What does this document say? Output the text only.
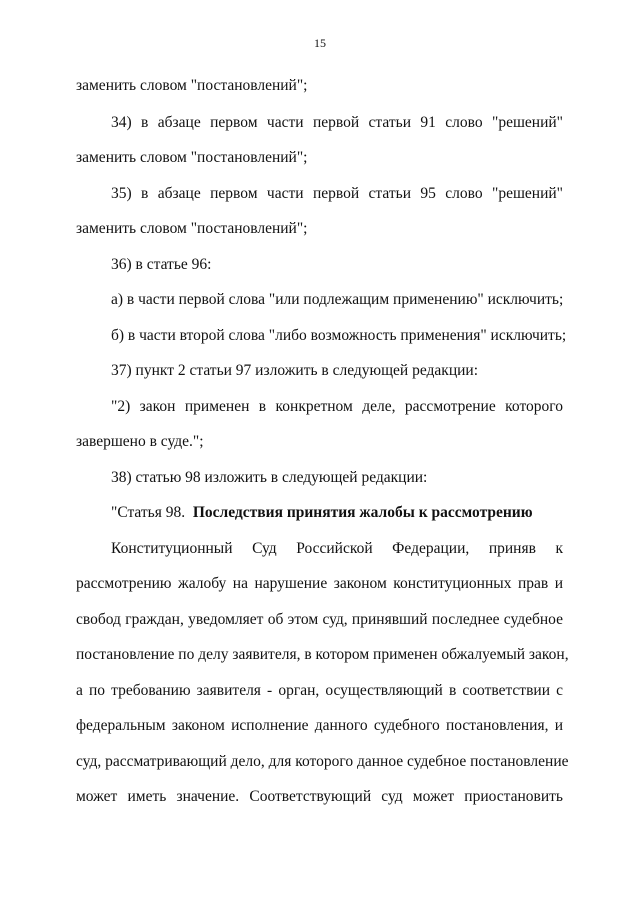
15
заменить словом "постановлений";
34) в абзаце первом части первой статьи 91 слово "решений"
заменить словом "постановлений";
35) в абзаце первом части первой статьи 95 слово "решений"
заменить словом "постановлений";
36) в статье 96:
а) в части первой слова "или подлежащим применению" исключить;
б) в части второй слова "либо возможность применения" исключить;
37) пункт 2 статьи 97 изложить в следующей редакции:
"2) закон применен в конкретном деле, рассмотрение которого
завершено в суде.";
38) статью 98 изложить в следующей редакции:
"Статья 98. Последствия принятия жалобы к рассмотрению
Конституционный Суд Российской Федерации, приняв к
рассмотрению жалобу на нарушение законом конституционных прав и
свобод граждан, уведомляет об этом суд, принявший последнее судебное
постановление по делу заявителя, в котором применен обжалуемый закон,
а по требованию заявителя - орган, осуществляющий в соответствии с
федеральным законом исполнение данного судебного постановления, и
суд, рассматривающий дело, для которого данное судебное постановление
может иметь значение. Соответствующий суд может приостановить
